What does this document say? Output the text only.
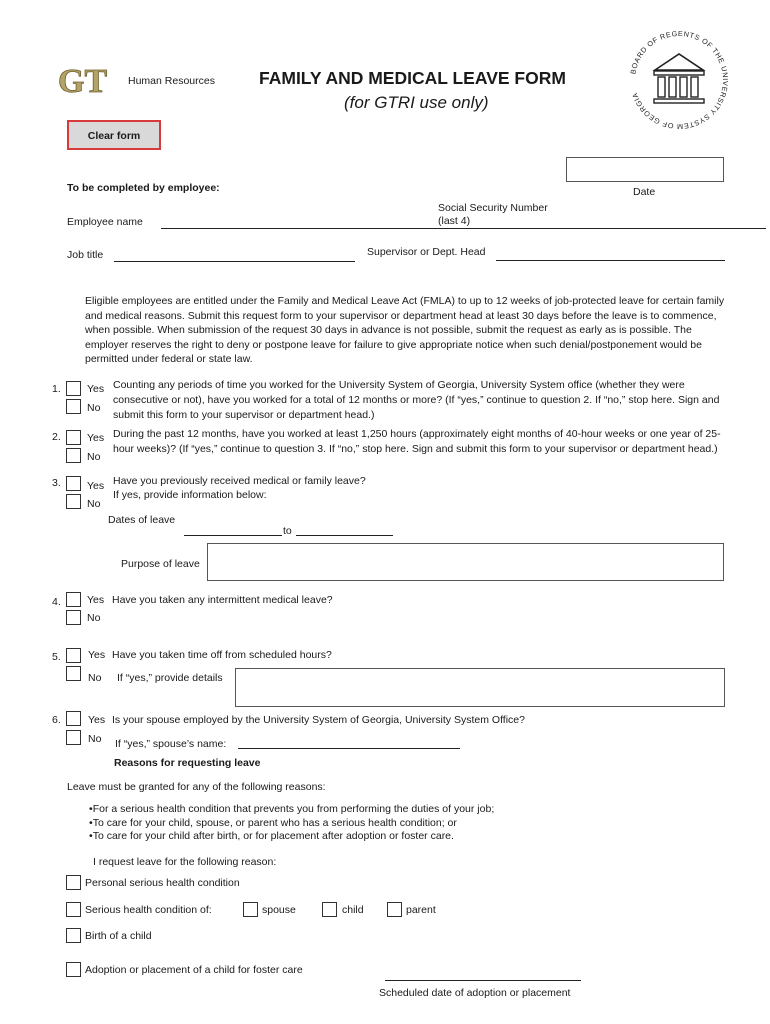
GT Human Resources	FAMILY AND MEDICAL LEAVE FORM
(for GTRI use only)
BOARD OF REGENTS OF THE UNIVERSITY SYSTEM OF GEORGIA
Clear form
Date
To be completed by employee:
Social Security Number
(last 4)
Employee name
Job title	Supervisor or Dept. Head
Eligible employees are entitled under the Family and Medical Leave Act (FMLA) to up to 12 weeks of job-protected leave for certain family and medical reasons. Submit this request form to your supervisor or department head at least 30 days before the leave is to commence, when possible. When submission of the request 30 days in advance is not possible, submit the request as early as is possible. The employer reserves the right to deny or postpone leave for failure to give appropriate notice when such denial/postponement would be permitted under federal or state law.
1. Yes
No
Counting any periods of time you worked for the University System of Georgia, University System office (whether they were consecutive or not), have you worked for a total of 12 months or more? (If “yes,” continue to question 2. If “no,” stop here. Sign and submit this form to your supervisor or department head.)
2. Yes
No
During the past 12 months, have you worked at least 1,250 hours (approximately eight months of 40-hour weeks or one year of 25-hour weeks)? (If “yes,” continue to question 3. If “no,” stop here. Sign and submit this form to your supervisor or department head.)
3. Yes
No
Have you previously received medical or family leave?
If yes, provide information below:
Dates of leave
to
Purpose of leave
4. Yes
No
Have you taken any intermittent medical leave?
5.	Yes
No
Have you taken time off from scheduled hours?
If “yes,” provide details
6.	Yes
No
Is your spouse employed by the University System of Georgia, University System Office?
If “yes,” spouse’s name:
Reasons for requesting leave
Leave must be granted for any of the following reasons:
• For a serious health condition that prevents you from performing the duties of your job;
• To care for your child, spouse, or parent who has a serious health condition; or
• To care for your child after birth, or for placement after adoption or foster care.
I request leave for the following reason:
Personal serious health condition
Serious health condition of:	spouse	child	parent
Birth of a child
Adoption or placement of a child for foster care
Scheduled date of adoption or placement
